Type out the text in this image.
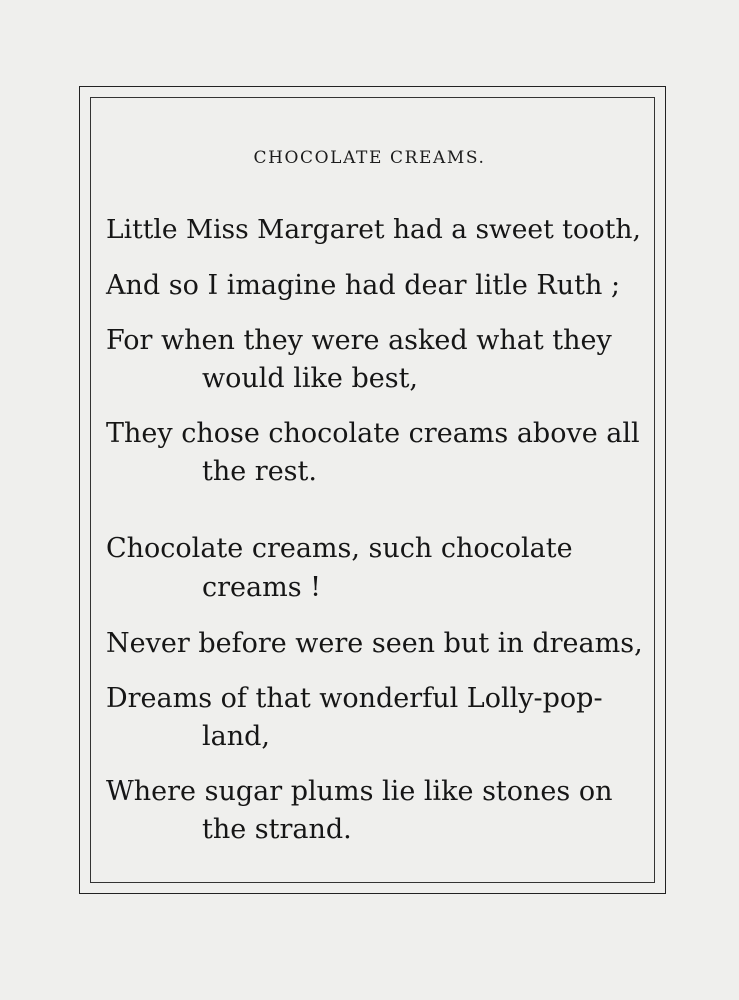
CHOCOLATE CREAMS.
Little Miss Margaret had a sweet tooth,
And so I imagine had dear litle Ruth ;
For when they were asked what they
would like best,
They chose chocolate creams above all
the rest.
Chocolate creams, such chocolate
creams !
Never before were seen but in dreams,
Dreams of that wonderful Lolly-pop-
land,
Where sugar plums lie like stones on
the strand.
